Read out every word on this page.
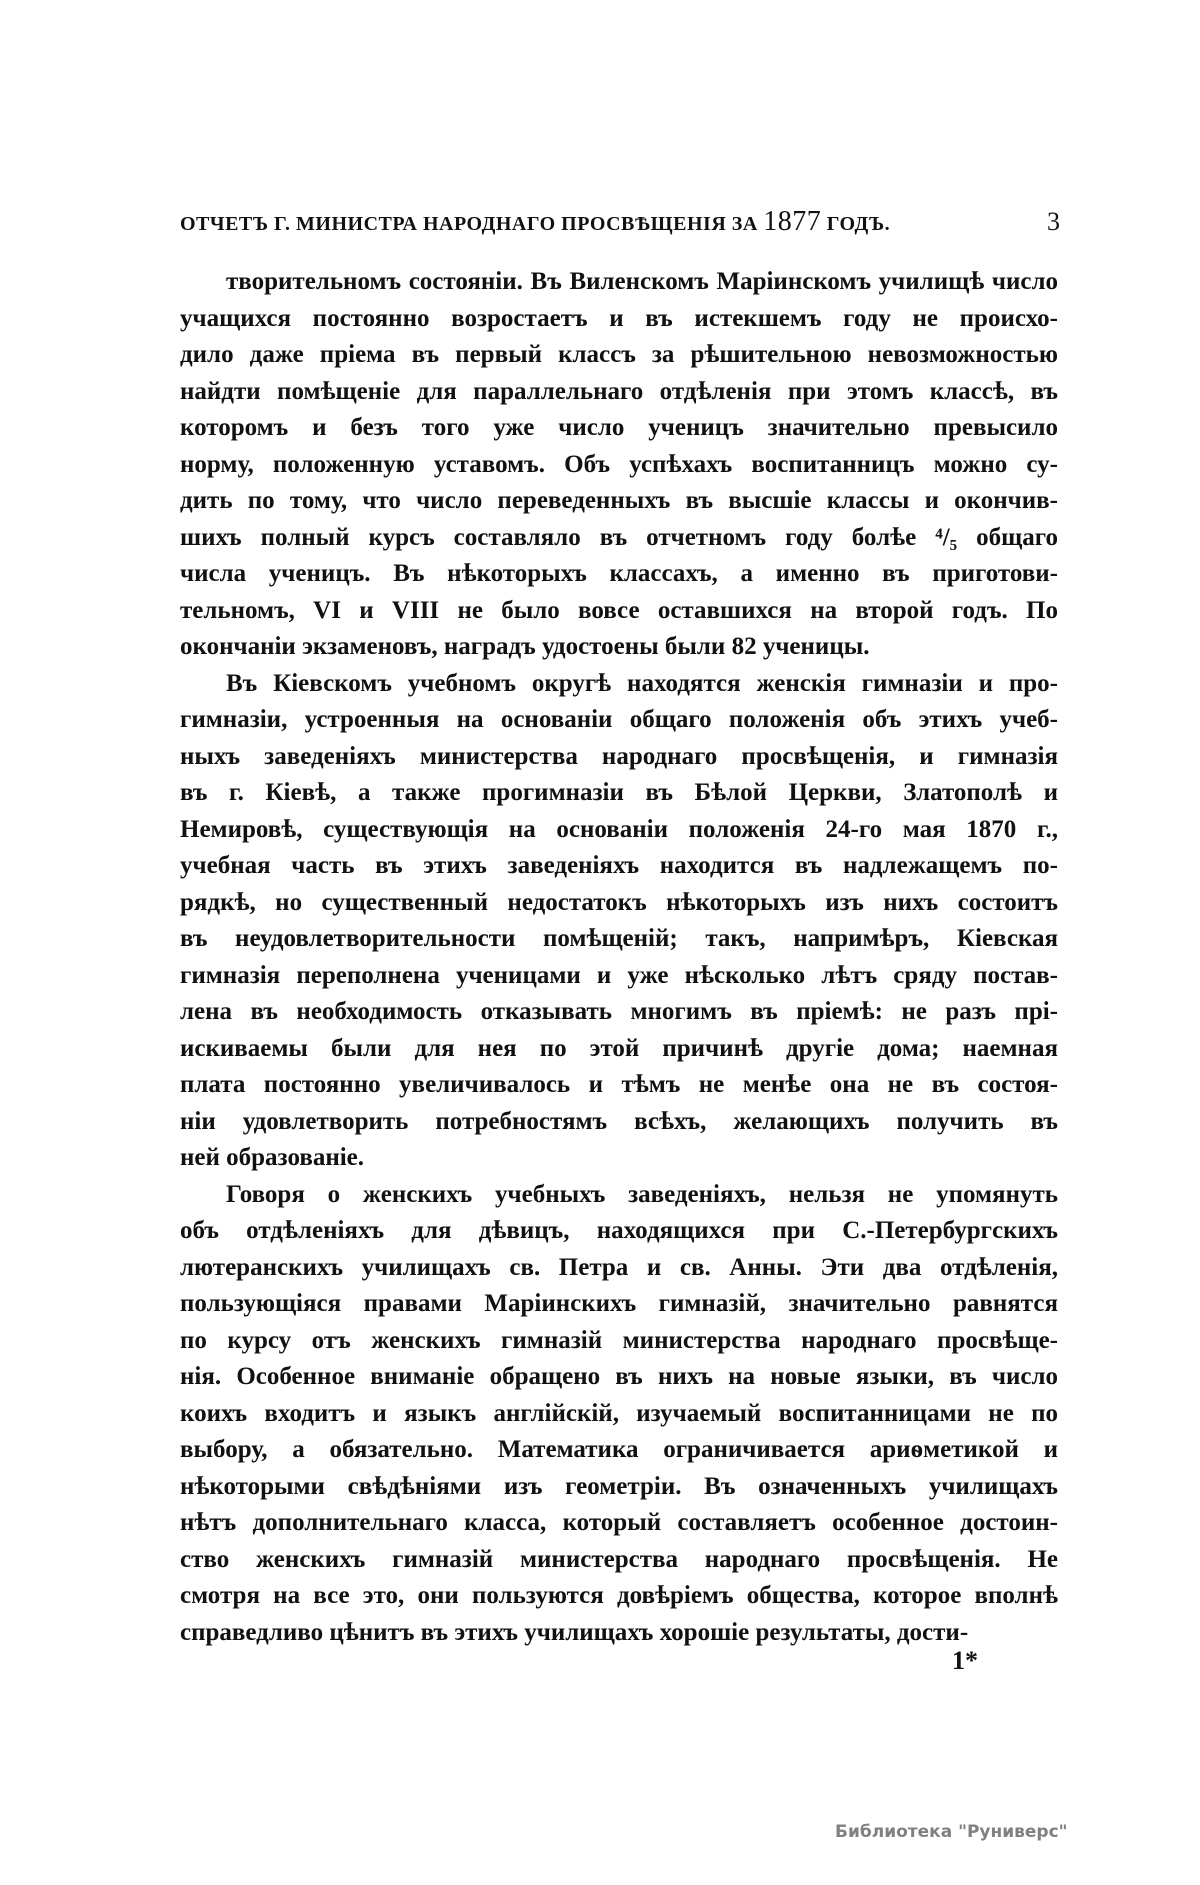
ОТЧЕТЪ Г. МИНИСТРА НАРОДНАГО ПРОСВѢЩЕНІЯ ЗА 1877 ГОДЪ.	3
творительномъ состояніи. Въ Виленскомъ Маріинскомъ училищѣ число
учащихся постоянно возростаетъ и въ истекшемъ году не происхо-
дило даже пріема въ первый классъ за рѣшительною невозможностью
найдти помѣщеніе для параллельнаго отдѣленія при этомъ классѣ, въ
которомъ и безъ того уже число ученицъ значительно превысило
норму, положенную уставомъ. Объ успѣхахъ воспитанницъ можно су-
дить по тому, что число переведенныхъ въ высшіе классы и окончив-
шихъ полный курсъ составляло въ отчетномъ году болѣе ⁴/₅ общаго
числа ученицъ. Въ нѣкоторыхъ классахъ, а именно въ приготови-
тельномъ, VI и VIII не было вовсе оставшихся на второй годъ. По
окончаніи экзаменовъ, наградъ удостоены были 82 ученицы.
Въ Кіевскомъ учебномъ округѣ находятся женскія гимназіи и про-
гимназіи, устроенныя на основаніи общаго положенія объ этихъ учеб-
ныхъ заведеніяхъ министерства народнаго просвѣщенія, и гимназія
въ г. Кіевѣ, а также прогимназіи въ Бѣлой Церкви, Златополѣ и
Немировѣ, существующія на основаніи положенія 24-го мая 1870 г.,
учебная часть въ этихъ заведеніяхъ находится въ надлежащемъ по-
рядкѣ, но существенный недостатокъ нѣкоторыхъ изъ нихъ состоитъ
въ неудовлетворительности помѣщеній; такъ, напримѣръ, Кіевская
гимназія переполнена ученицами и уже нѣсколько лѣтъ сряду постав-
лена въ необходимость отказывать многимъ въ пріемѣ: не разъ прі-
искиваемы были для нея по этой причинѣ другіе дома; наемная
плата постоянно увеличивалось и тѣмъ не менѣе она не въ состоя-
ніи удовлетворить потребностямъ всѣхъ, желающихъ получить въ
ней образованіе.
Говоря о женскихъ учебныхъ заведеніяхъ, нельзя не упомянуть
объ отдѣленіяхъ для дѣвицъ, находящихся при С.-Петербургскихъ
лютеранскихъ училищахъ св. Петра и св. Анны. Эти два отдѣленія,
пользующіяся правами Маріинскихъ гимназій, значительно равнятся
по курсу отъ женскихъ гимназій министерства народнаго просвѣще-
нія. Особенное вниманіе обращено въ нихъ на новые языки, въ число
коихъ входитъ и языкъ англійскій, изучаемый воспитанницами не по
выбору, а обязательно. Математика ограничивается ариѳметикой и
нѣкоторыми свѣдѣніями изъ геометріи. Въ означенныхъ училищахъ
нѣтъ дополнительнаго класса, который составляетъ особенное достоин-
ство женскихъ гимназій министерства народнаго просвѣщенія. Не
смотря на все это, они пользуются довѣріемъ общества, которое вполнѣ
справедливо цѣнитъ въ этихъ училищахъ хорошіе результаты, дости-
1*
Библиотека "Руниверс"
